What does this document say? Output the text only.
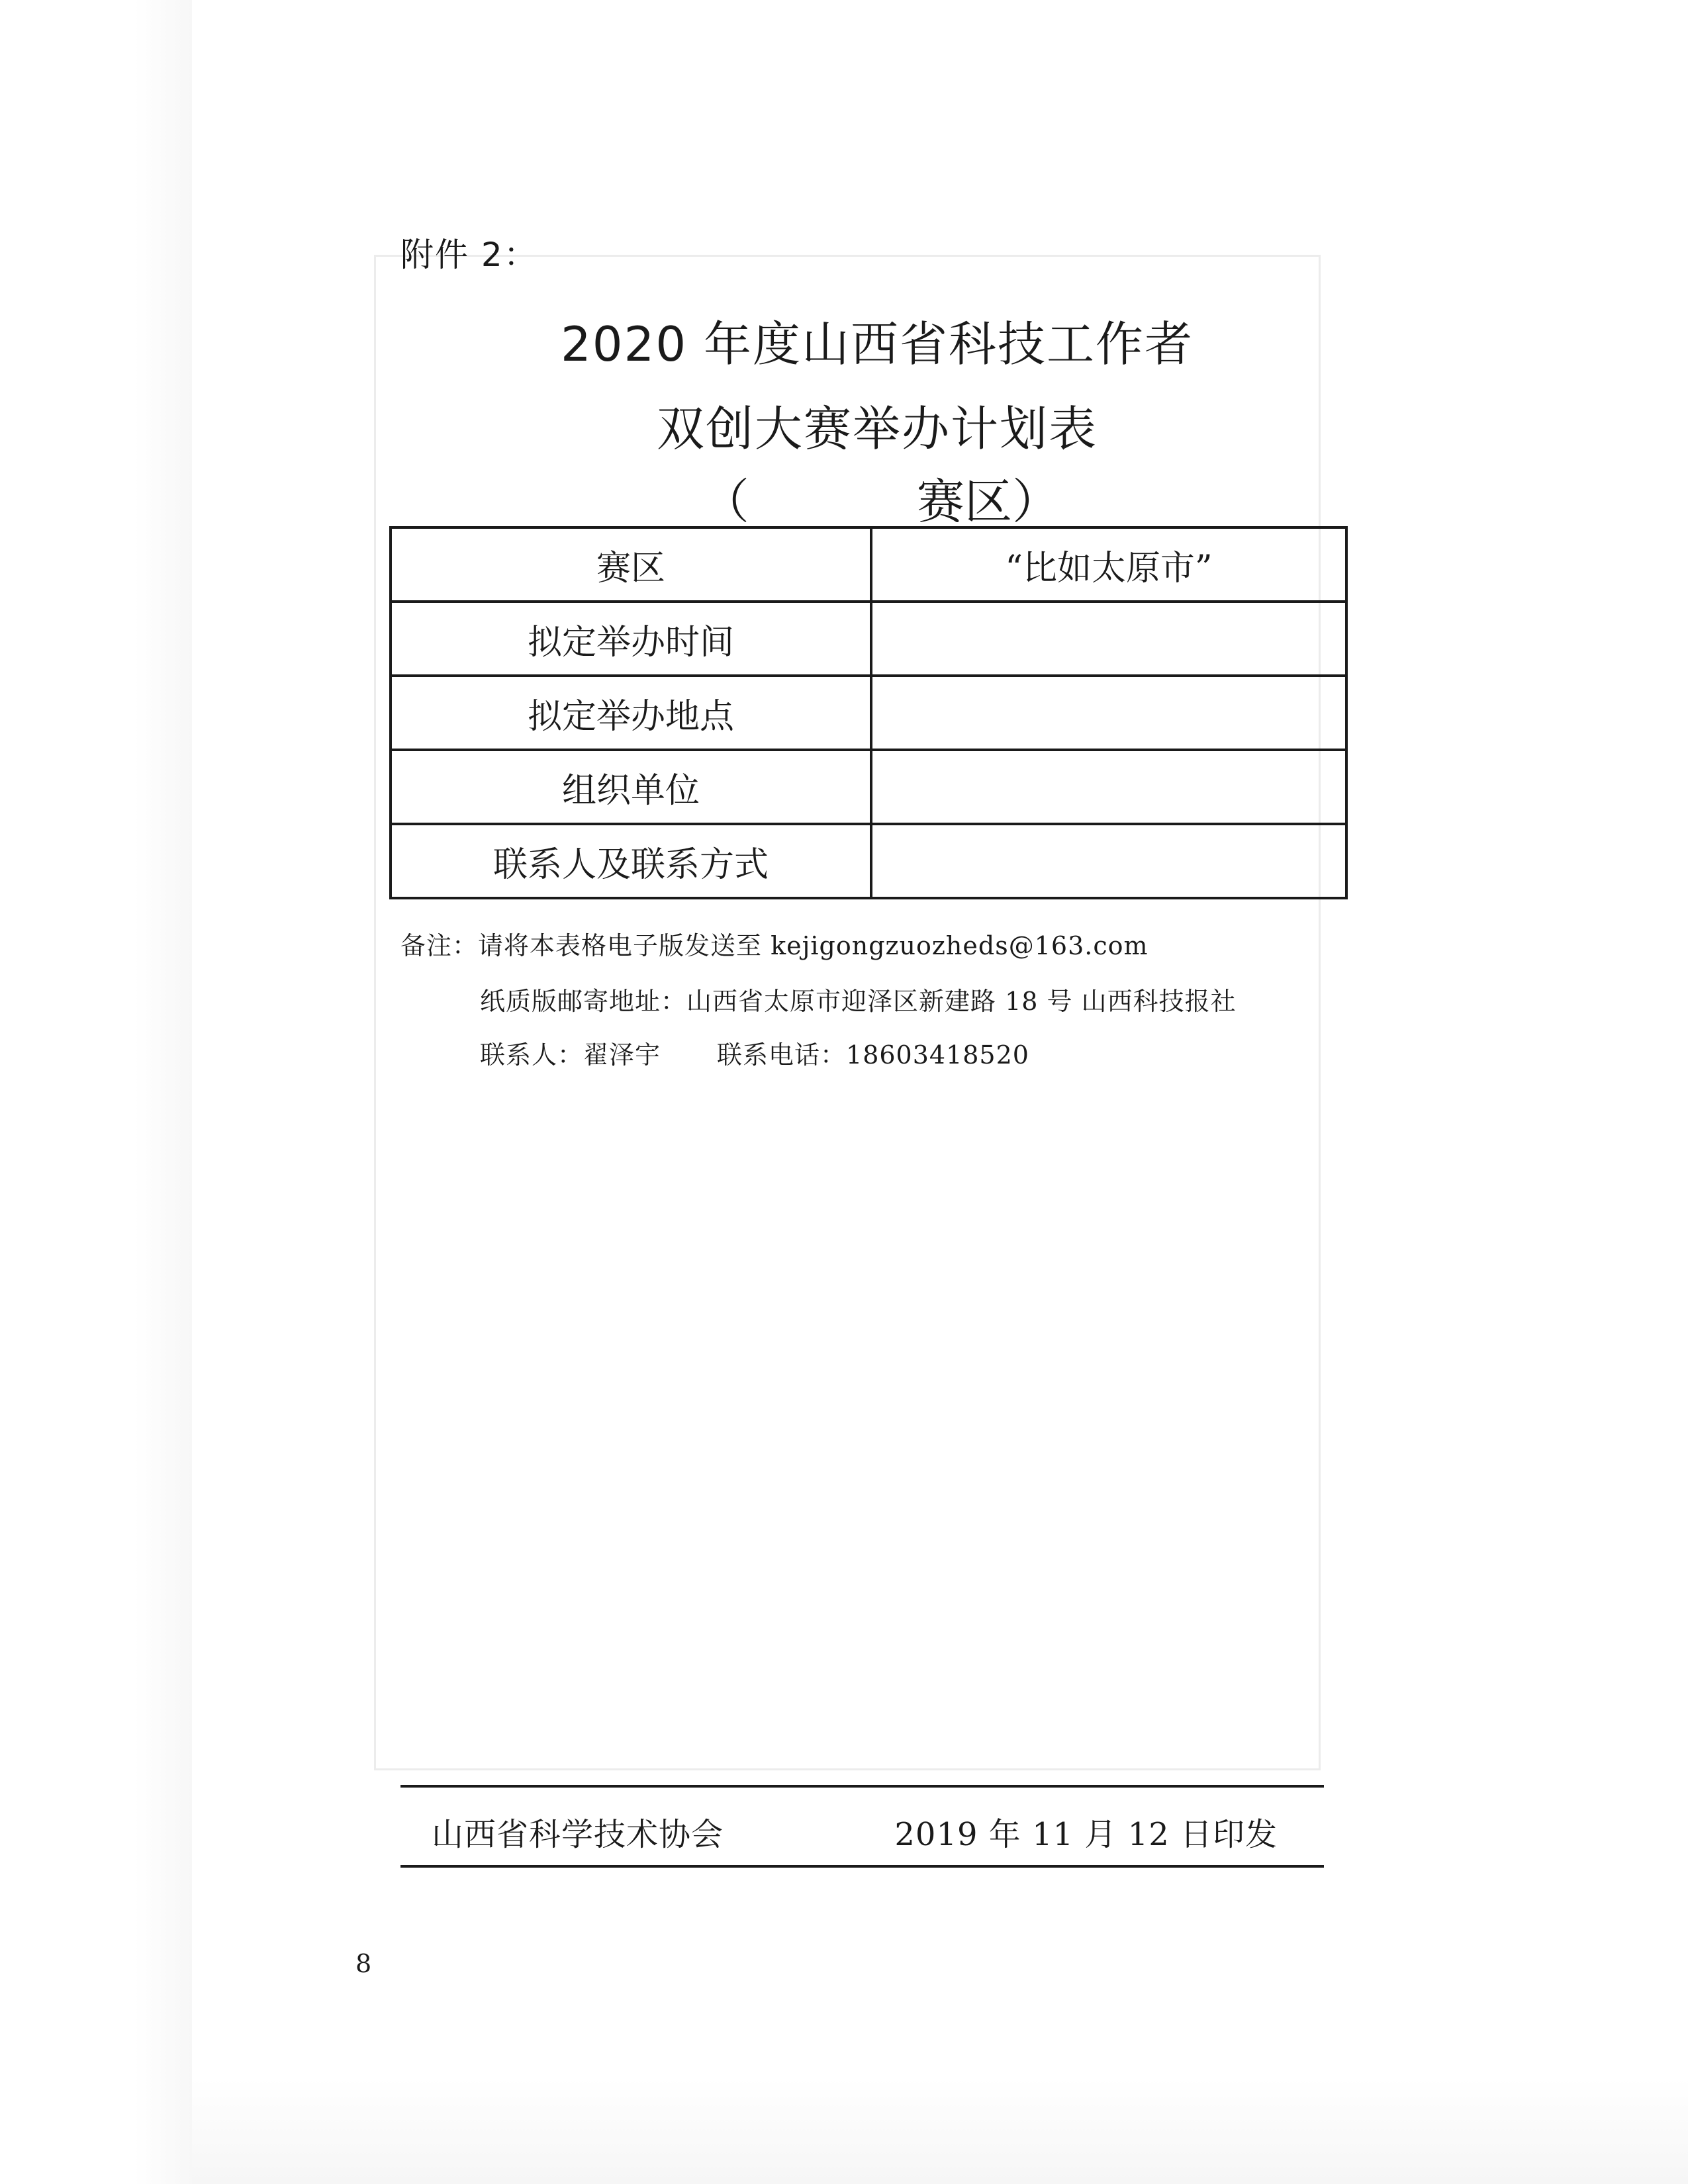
附件 2：
2020 年度山西省科技工作者
双创大赛举办计划表
（	赛区）
赛区	“比如太原市”
拟定举办时间	
拟定举办地点	
组织单位	
联系人及联系方式	
备注：请将本表格电子版发送至 kejigongzuozheds@163.com
纸质版邮寄地址：山西省太原市迎泽区新建路 18 号 山西科技报社
联系人：翟泽宇 联系电话：18603418520
山西省科学技术协会	2019 年 11 月 12 日印发
8
